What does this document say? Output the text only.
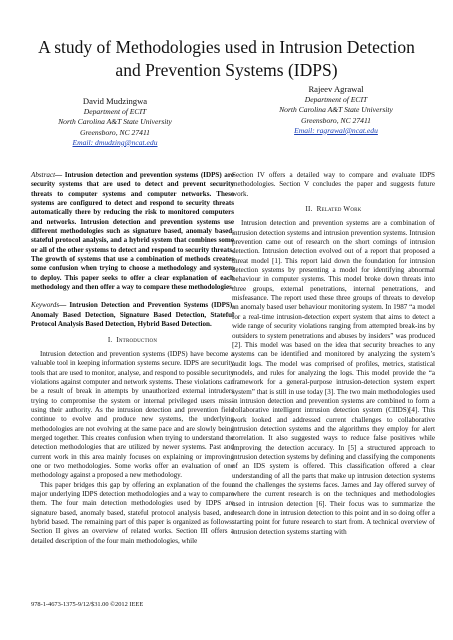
A study of Methodologies used in Intrusion Detection
and Prevention Systems (IDPS)
David Mudzingwa
Department of ECIT
North Carolina A&T State University
Greensboro, NC 27411
Email: dmudzing@ncat.edu
Rajeev Agrawal
Department of ECIT
North Carolina A&T State University
Greensboro, NC 27411
Email: ragrawal@ncat.edu

Abstract— Intrusion detection and prevention systems (IDPS) are security systems that are used to detect and prevent security threats to computer systems and computer networks. These systems are configured to detect and respond to security threats automatically there by reducing the risk to monitored computers and networks. Intrusion detection and prevention systems use different methodologies such as signature based, anomaly based, stateful protocol analysis, and a hybrid system that combines some or all of the other systems to detect and respond to security threats. The growth of systems that use a combination of methods creates some confusion when trying to choose a methodology and system to deploy. This paper seeks to offer a clear explanation of each methodology and then offer a way to compare these methodologies.

Keywords— Intrusion Detection and Prevention Systems (IDPS), Anomaly Based Detection, Signature Based Detection, Stateful Protocol Analysis Based Detection, Hybrid Based Detection.

I. Introduction

Intrusion detection and prevention systems (IDPS) have become a valuable tool in keeping information systems secure. IDPS are security tools that are used to monitor, analyse, and respond to possible security violations against computer and network systems. These violations can be a result of break in attempts by unauthorized external intruders trying to compromise the system or internal privileged users miss-using their authority. As the intrusion detection and prevention field continue to evolve and produce new systems, the underlying methodologies are not evolving at the same pace and are slowly being merged together. This creates confusion when trying to understand the detection methodologies that are utilized by newer systems. Past and current work in this area mainly focuses on explaining or improving one or two methodologies. Some works offer an evaluation of one methodology against a proposed a new methodology.

This paper bridges this gap by offering an explanation of the four major underlying IDPS detection methodologies and a way to compare them. The four main detection methodologies used by IDPS are signature based, anomaly based, stateful protocol analysis based, and hybrid based. The remaining part of this paper is organized as follows: Section II gives an overview of related works. Section III offers a detailed description of the four main methodologies, while

Section IV offers a detailed way to compare and evaluate IDPS methodologies. Section V concludes the paper and suggests future work.

II. Related Work

Intrusion detection and prevention systems are a combination of intrusion detection systems and intrusion prevention systems. Intrusion prevention came out of research on the short comings of intrusion detection. Intrusion detection evolved out of a report that proposed a threat model [1]. This report laid down the foundation for intrusion detection systems by presenting a model for identifying abnormal behaviour in computer systems. This model broke down threats into three groups, external penetrations, internal penetrations, and misfeasance. The report used these three groups of threats to develop an anomaly based user behaviour monitoring system. In 1987 “a model for a real-time intrusion-detection expert system that aims to detect a wide range of security violations ranging from attempted break-ins by outsiders to system penetrations and abuses by insiders” was produced [2]. This model was based on the idea that security breaches to any systems can be identified and monitored by analyzing the system’s audit logs. The model was comprised of profiles, metrics, statistical models, and rules for analyzing the logs. This model provide the “a framework for a general-purpose intrusion-detection system expert system” that is still in use today [3]. The two main methodologies used in intrusion detection and prevention systems are combined to form a collaborative intelligent intrusion detection system (CIIDS)[4]. This work looked and addressed current challenges to collaborative intrusion detection systems and the algorithms they employ for alert correlation. It also suggested ways to reduce false positives while improving the detection accuracy. In [5] a structured approach to intrusion detection systems by defining and classifying the components of an IDS system is offered. This classification offered a clear understanding of all the parts that make up intrusion detection systems and the challenges the systems faces. James and Jay offered survey of where the current research is on the techniques and methodologies used in intrusion detection [6]. Their focus was to summarize the research done in intrusion detection to this point and in so doing offer a starting point for future research to start from. A technical overview of intrusion detection systems starting with

978-1-4673-1375-9/12/$31.00 ©2012 IEEE
